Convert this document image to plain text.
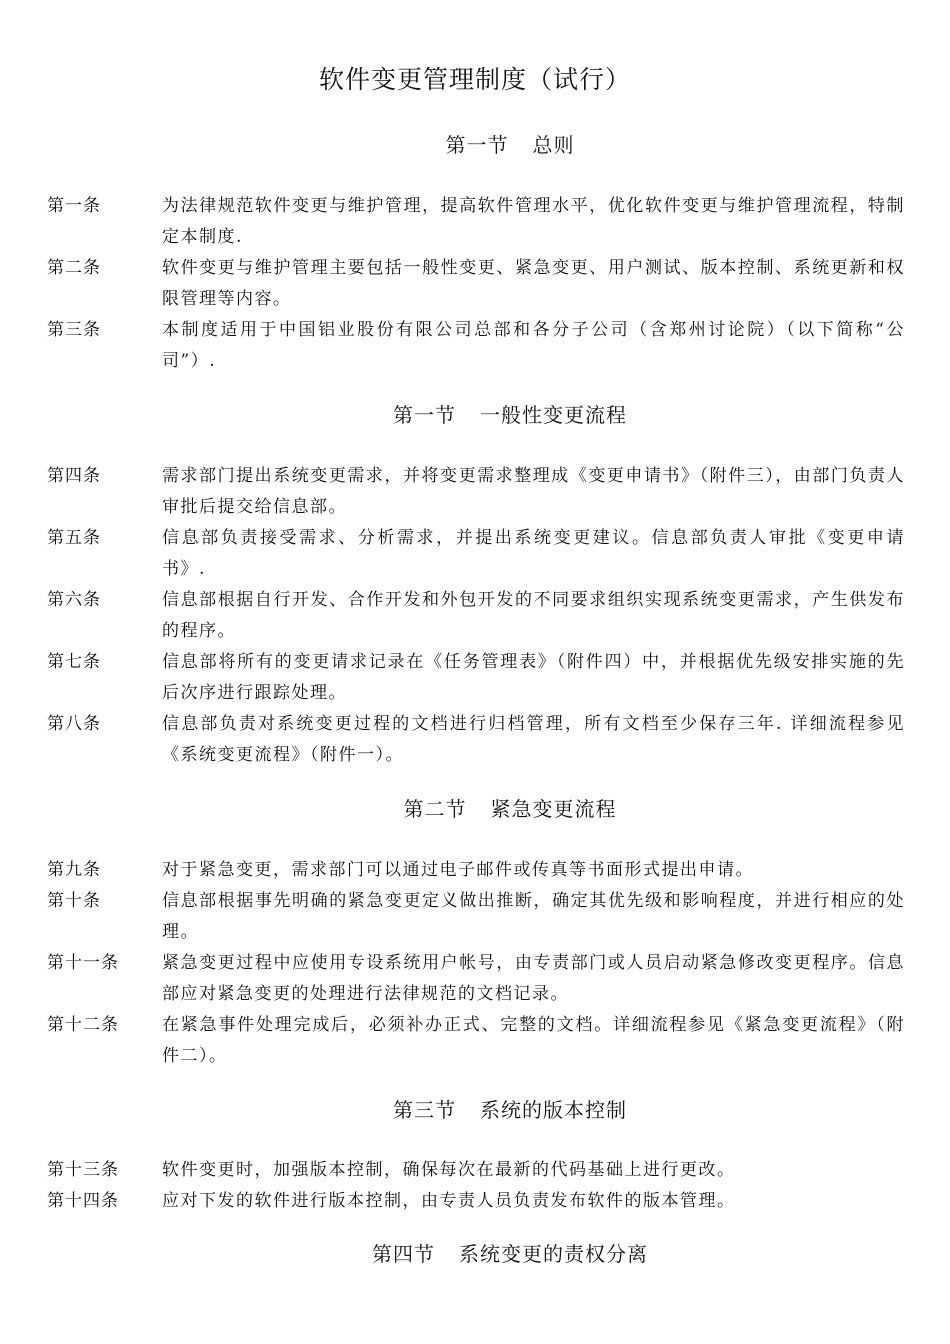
软件变更管理制度（试行）
第一节 总则
第一条	为法律规范软件变更与维护管理，提高软件管理水平，优化软件变更与维护管理流程，特制定本制度.

第二条	软件变更与维护管理主要包括一般性变更、紧急变更、用户测试、版本控制、系统更新和权限管理等内容。

第三条	本制度适用于中国铝业股份有限公司总部和各分子公司（含郑州讨论院）（以下简称“公司”）.

第一节 一般性变更流程
第四条	需求部门提出系统变更需求，并将变更需求整理成《变更申请书》（附件三），由部门负责人审批后提交给信息部。

第五条	信息部负责接受需求、分析需求，并提出系统变更建议。信息部负责人审批《变更申请书》.

第六条	信息部根据自行开发、合作开发和外包开发的不同要求组织实现系统变更需求，产生供发布的程序。

第七条	信息部将所有的变更请求记录在《任务管理表》（附件四）中，并根据优先级安排实施的先后次序进行跟踪处理。

第八条	信息部负责对系统变更过程的文档进行归档管理，所有文档至少保存三年. 详细流程参见《系统变更流程》（附件一）。

第二节 紧急变更流程
第九条	对于紧急变更，需求部门可以通过电子邮件或传真等书面形式提出申请。

第十条	信息部根据事先明确的紧急变更定义做出推断，确定其优先级和影响程度，并进行相应的处理。

第十一条	紧急变更过程中应使用专设系统用户帐号，由专责部门或人员启动紧急修改变更程序。信息部应对紧急变更的处理进行法律规范的文档记录。

第十二条	在紧急事件处理完成后，必须补办正式、完整的文档。详细流程参见《紧急变更流程》（附件二）。

第三节 系统的版本控制
第十三条	软件变更时，加强版本控制，确保每次在最新的代码基础上进行更改。

第十四条	应对下发的软件进行版本控制，由专责人员负责发布软件的版本管理。

第四节 系统变更的责权分离
